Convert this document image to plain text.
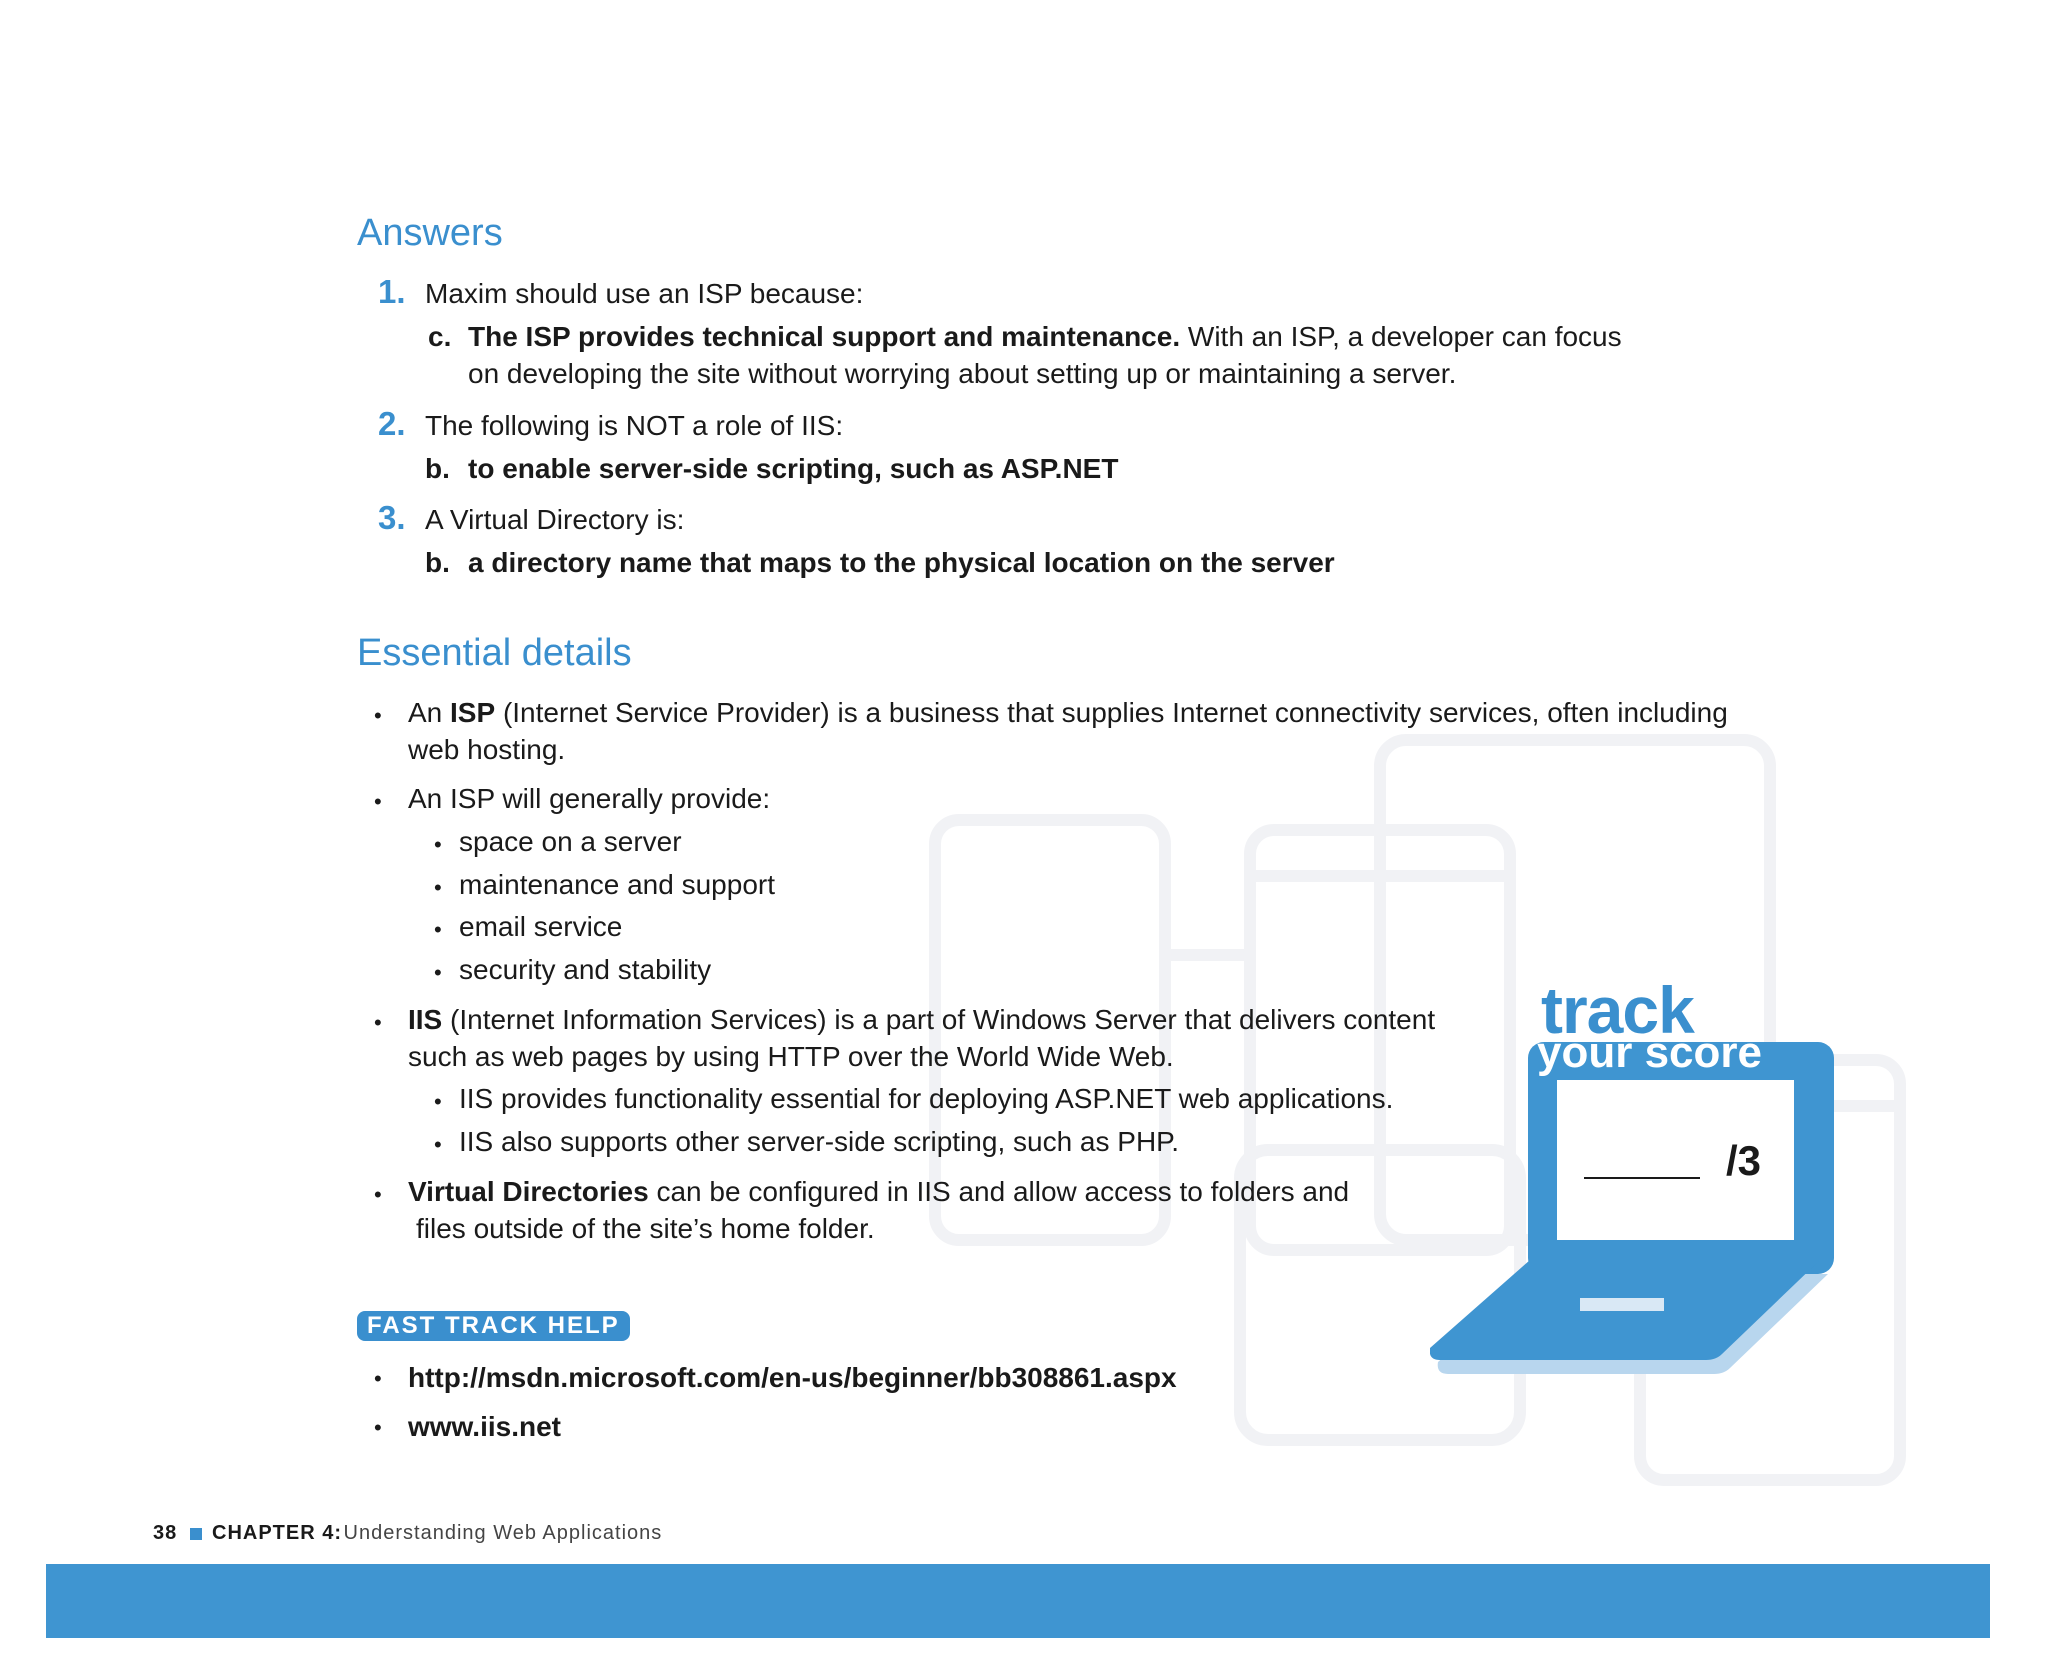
Answers
1. Maxim should use an ISP because:
c. The ISP provides technical support and maintenance. With an ISP, a developer can focus
on developing the site without worrying about setting up or maintaining a server.
2. The following is NOT a role of IIS:
b. to enable server-side scripting, such as ASP.NET
3. A Virtual Directory is:
b. a directory name that maps to the physical location on the server
Essential details
• An ISP (Internet Service Provider) is a business that supplies Internet connectivity services, often including
web hosting.
• An ISP will generally provide:
• space on a server
• maintenance and support
• email service
• security and stability
• IIS (Internet Information Services) is a part of Windows Server that delivers content
such as web pages by using HTTP over the World Wide Web.
• IIS provides functionality essential for deploying ASP.NET web applications.
• IIS also supports other server-side scripting, such as PHP.
• Virtual Directories can be configured in IIS and allow access to folders and
files outside of the site’s home folder.
FAST TRACK HELP
• http://msdn.microsoft.com/en-us/beginner/bb308861.aspx
• www.iis.net
track
your score
/3
38 CHAPTER 4:
Understanding Web Applications
